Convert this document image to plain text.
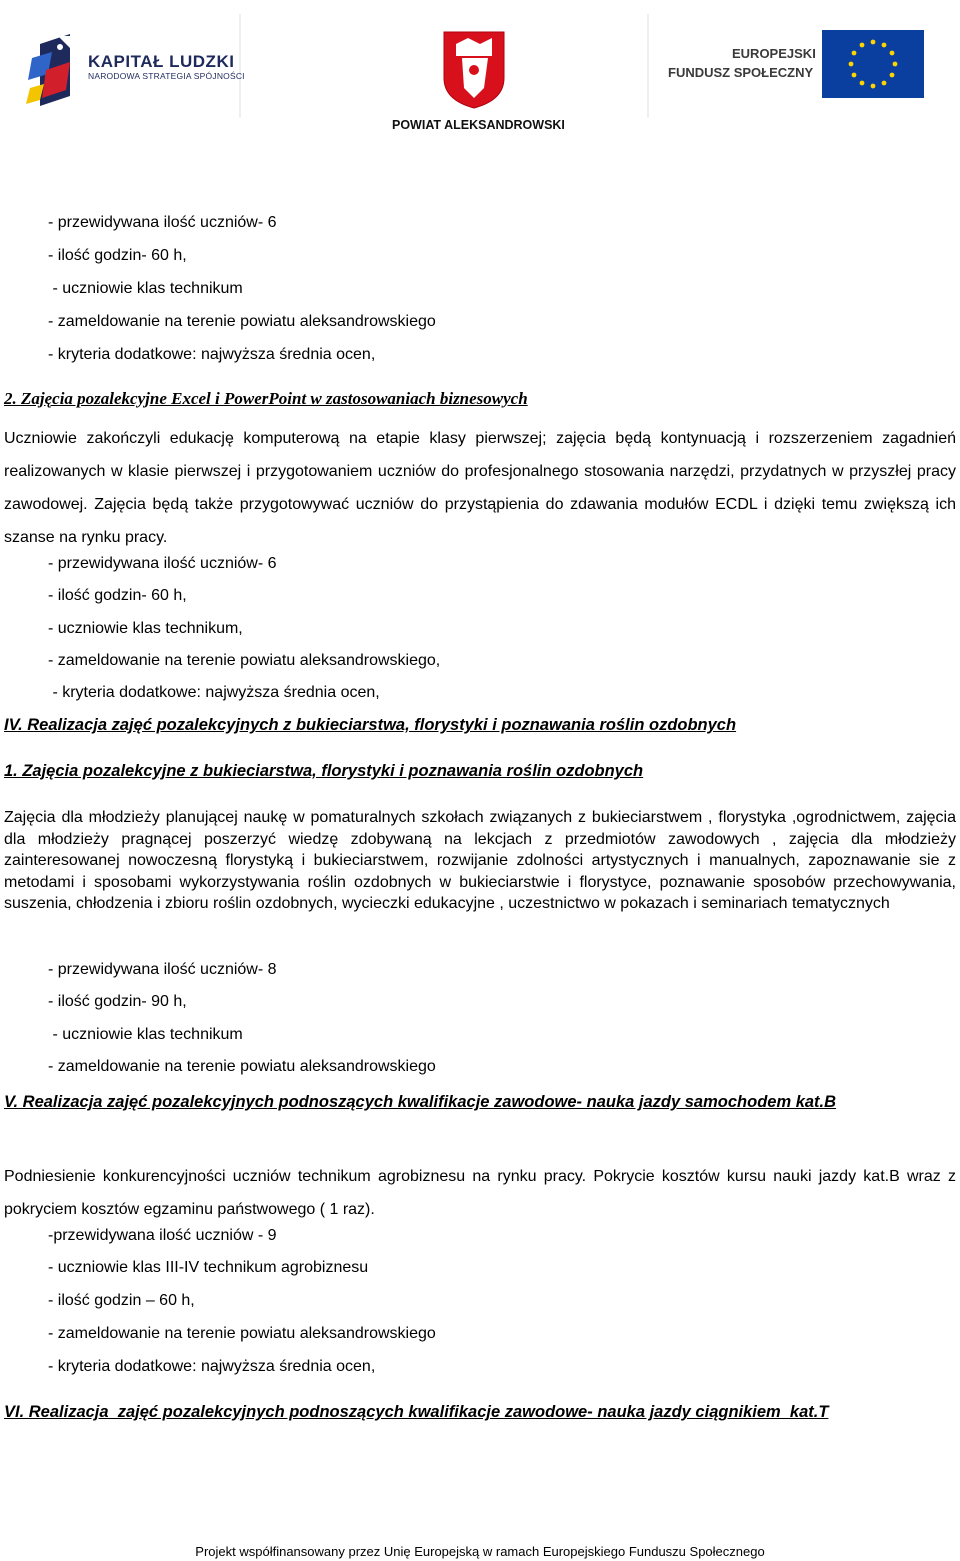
KAPITAŁ LUDZKI
NARODOWA STRATEGIA SPÓJNOŚCI
EUROPEJSKI
FUNDUSZ SPOŁECZNY
POWIAT ALEKSANDROWSKI
- przewidywana ilość uczniów- 6
- ilość godzin- 60 h,
- uczniowie klas technikum
- zameldowanie na terenie powiatu aleksandrowskiego
- kryteria dodatkowe: najwyższa średnia ocen,
2. Zajęcia pozalekcyjne Excel i PowerPoint w zastosowaniach biznesowych
Uczniowie zakończyli edukację komputerową na etapie klasy pierwszej; zajęcia będą kontynuacją i rozszerzeniem zagadnień realizowanych w klasie pierwszej i przygotowaniem uczniów do profesjonalnego stosowania narzędzi, przydatnych w przyszłej pracy zawodowej. Zajęcia będą także przygotowywać uczniów do przystąpienia do zdawania modułów ECDL i dzięki temu zwiększą ich szanse na rynku pracy.
- przewidywana ilość uczniów- 6
- ilość godzin- 60 h,
- uczniowie klas technikum,
- zameldowanie na terenie powiatu aleksandrowskiego,
- kryteria dodatkowe: najwyższa średnia ocen,
IV. Realizacja zajęć pozalekcyjnych z bukieciarstwa, florystyki i poznawania roślin ozdobnych
1. Zajęcia pozalekcyjne z bukieciarstwa, florystyki i poznawania roślin ozdobnych
Zajęcia dla młodzieży planującej naukę w pomaturalnych szkołach związanych z bukieciarstwem , florystyka ,ogrodnictwem, zajęcia dla młodzieży pragnącej poszerzyć wiedzę zdobywaną na lekcjach z przedmiotów zawodowych , zajęcia dla młodzieży zainteresowanej nowoczesną florystyką i bukieciarstwem, rozwijanie zdolności artystycznych i manualnych, zapoznawanie sie z metodami i sposobami wykorzystywania roślin ozdobnych w bukieciarstwie i florystyce, poznawanie sposobów przechowywania, suszenia, chłodzenia i zbioru roślin ozdobnych, wycieczki edukacyjne , uczestnictwo w pokazach i seminariach tematycznych
- przewidywana ilość uczniów- 8
- ilość godzin- 90 h,
- uczniowie klas technikum
- zameldowanie na terenie powiatu aleksandrowskiego
V. Realizacja zajęć pozalekcyjnych podnoszących kwalifikacje zawodowe- nauka jazdy samochodem kat.B
Podniesienie konkurencyjności uczniów technikum agrobiznesu na rynku pracy. Pokrycie kosztów kursu nauki jazdy kat.B wraz z pokryciem kosztów egzaminu państwowego ( 1 raz).
-przewidywana ilość uczniów - 9
- uczniowie klas III-IV technikum agrobiznesu
- ilość godzin – 60 h,
- zameldowanie na terenie powiatu aleksandrowskiego
- kryteria dodatkowe: najwyższa średnia ocen,
VI. Realizacja  zajęć pozalekcyjnych podnoszących kwalifikacje zawodowe- nauka jazdy ciągnikiem  kat.T
Projekt współfinansowany przez Unię Europejską w ramach Europejskiego Funduszu Społecznego
